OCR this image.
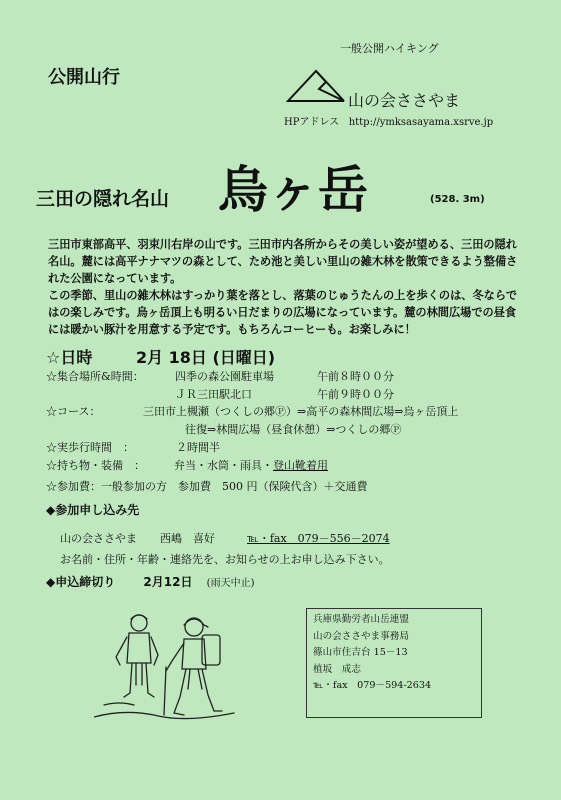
公開山行
一般公開ハイキング
山の会ささやま
HPアドレス http://ymksasayama.xsrve.jp
三田の隠れ名山 烏ヶ岳	(528. 3m)
三田市東部高平、羽束川右岸の山です。三田市内各所からその美しい姿が望める、三田の隠れ名山。麓には高平ナナマツの森として、ため池と美しい里山の雑木林を散策できるよう整備された公園になっています。
この季節、里山の雑木林はすっかり葉を落とし、落葉のじゅうたんの上を歩くのは、冬ならではの楽しみです。烏ヶ岳頂上も明るい日だまりの広場になっています。麓の林間広場での昼食には暖かい豚汁を用意する予定です。もちろんコーヒーも。お楽しみに！
☆日時	2月 18日 (日曜日)
☆集合場所&時間：	四季の森公園駐車場	午前８時００分
ＪＲ三田駅北口	午前９時００分
☆コース：	三田市上槻瀬（つくしの郷Ⓟ）⇒高平の森林間広場⇒烏ヶ岳頂上
往復⇒林間広場（昼食休憩）⇒つくしの郷Ⓟ
☆実歩行時間　：	２時間半
☆持ち物・装備　：	弁当・水筒・雨具・登山靴着用
☆参加費：一般参加の方　参加費　500 円（保険代含）＋交通費
◆参加申し込み先
山の会ささやま 西嶋　喜好	℡・fax　079－556－2074
お名前・住所・年齢・連絡先を、お知らせの上お申し込み下さい。
◆申込締切り 2月12日 (雨天中止)
兵庫県勤労者山岳連盟
山の会ささやま事務局
篠山市住吉台 15－13
植坂　成志
℡・fax　079－594-2634
